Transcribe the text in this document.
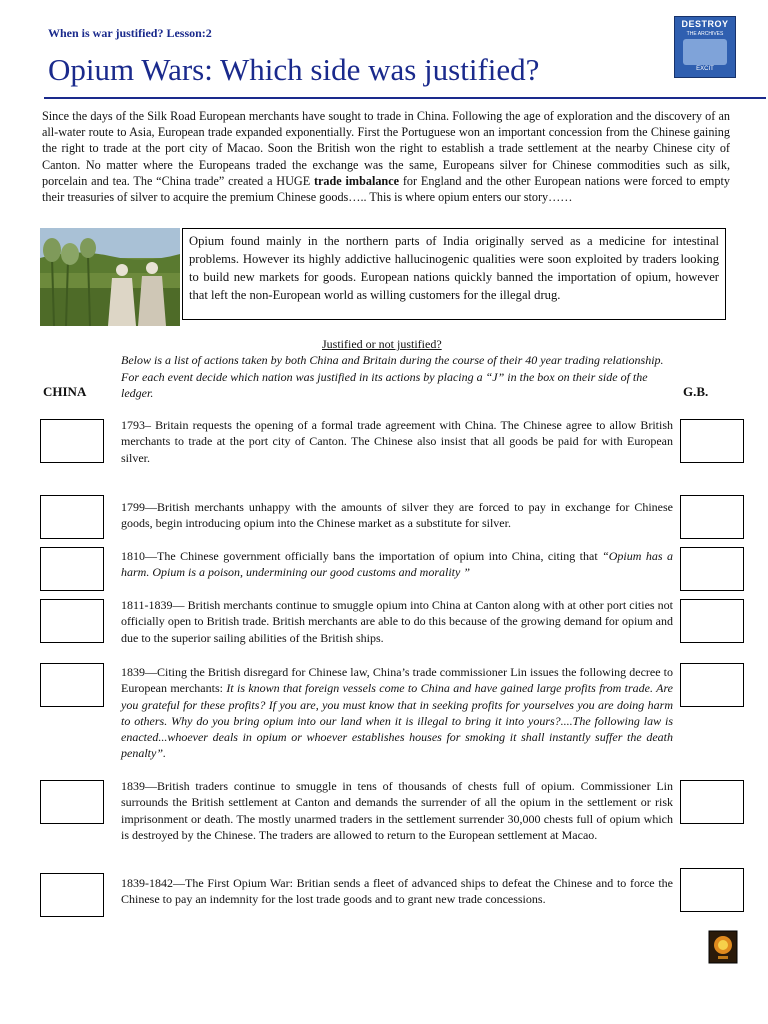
When is war justified? Lesson:2
Opium Wars: Which side was justified?
DESTROY
THE ARCHIVES
EXCIT
Since the days of the Silk Road European merchants have sought to trade in China. Following the age of exploration and the discovery of an all-water route to Asia, European trade expanded exponentially. First the Portuguese won an important concession from the Chinese gaining the right to trade at the port city of Macao. Soon the British won the right to establish a trade settlement at the nearby Chinese city of Canton. No matter where the Europeans traded the exchange was the same, Europeans silver for Chinese commodities such as silk, porcelain and tea. The “China trade” created a HUGE trade imbalance for England and the other European nations were forced to empty their treasuries of silver to acquire the premium Chinese goods….. This is where opium enters our story……
Opium found mainly in the northern parts of India originally served as a medicine for intestinal problems. However its highly addictive hallucinogenic qualities were soon exploited by traders looking to build new markets for goods. European nations quickly banned the importation of opium, however that left the non-European world as willing customers for the illegal drug.
Justified or not justified?
Below is a list of actions taken by both China and Britain during the course of their 40 year trading relationship. For each event decide which nation was justified in its actions by placing a “J” in the box on their side of the ledger.
CHINA	G.B.
1793– Britain requests the opening of a formal trade agreement with China. The Chinese agree to allow British merchants to trade at the port city of Canton. The Chinese also insist that all goods be paid for with European silver.
1799—British merchants unhappy with the amounts of silver they are forced to pay in exchange for Chinese goods, begin introducing opium into the Chinese market as a substitute for silver.
1810—The Chinese government officially bans the importation of opium into China, citing that “Opium has a harm. Opium is a poison, undermining our good customs and morality ”
1811-1839— British merchants continue to smuggle opium into China at Canton along with at other port cities not officially open to British trade. British merchants are able to do this because of the growing demand for opium and due to the superior sailing abilities of the British ships.
1839—Citing the British disregard for Chinese law, China’s trade commissioner Lin issues the following decree to European merchants: It is known that foreign vessels come to China and have gained large profits from trade. Are you grateful for these profits? If you are, you must know that in seeking profits for yourselves you are doing harm to others. Why do you bring opium into our land when it is illegal to bring it into yours?....The following law is enacted...whoever deals in opium or whoever establishes houses for smoking it shall instantly suffer the death penalty”.
1839—British traders continue to smuggle in tens of thousands of chests full of opium. Commissioner Lin surrounds the British settlement at Canton and demands the surrender of all the opium in the settlement or risk imprisonment or death. The mostly unarmed traders in the settlement surrender 30,000 chests full of opium which is destroyed by the Chinese. The traders are allowed to return to the European settlement at Macao.
1839-1842—The First Opium War: Britian sends a fleet of advanced ships to defeat the Chinese and to force the Chinese to pay an indemnity for the lost trade goods and to grant new trade concessions.
